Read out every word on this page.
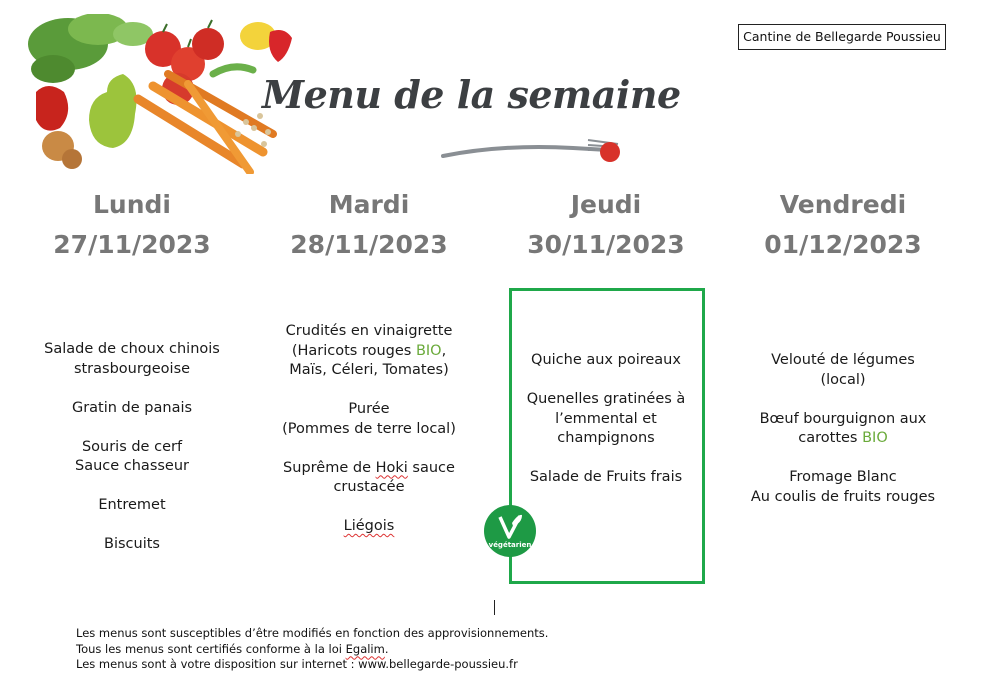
Menu de la semaine
Cantine de Bellegarde Poussieu
Lundi
27/11/2023
Mardi
28/11/2023
Jeudi
30/11/2023
Vendredi
01/12/2023
Salade de choux chinois
strasbourgeoise
Gratin de panais
Souris de cerf
Sauce chasseur
Entremet
Biscuits
Crudités en vinaigrette
(Haricots rouges BIO,
Maïs, Céleri, Tomates)
Purée
(Pommes de terre local)
Suprême de Hoki sauce
crustacée
Liégois
Quiche aux poireaux
Quenelles gratinées à
l’emmental et
champignons
Salade de Fruits frais
végétarien
Velouté de légumes
(local)
Bœuf bourguignon aux
carottes BIO
Fromage Blanc
Au coulis de fruits rouges
Les menus sont susceptibles d’être modifiés en fonction des approvisionnements.
Tous les menus sont certifiés conforme à la loi Egalim.
Les menus sont à votre disposition sur internet : www.bellegarde-poussieu.fr
